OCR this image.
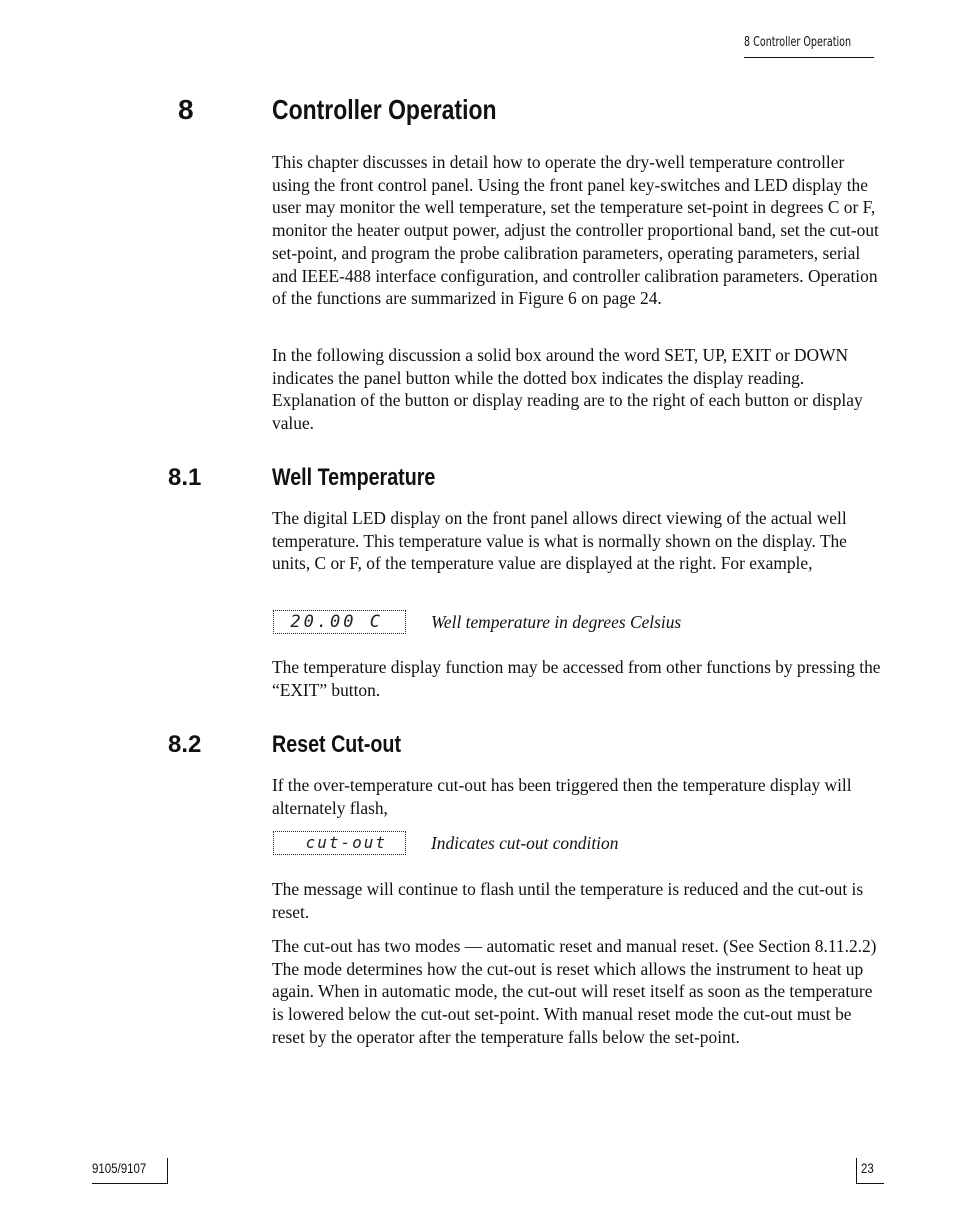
8 Controller Operation
8	Controller Operation

This chapter discusses in detail how to operate the dry-well temperature controller using the front control panel. Using the front panel key-switches and LED display the user may monitor the well temperature, set the temperature set-point in degrees C or F, monitor the heater output power, adjust the controller proportional band, set the cut-out set-point, and program the probe calibration parameters, operating parameters, serial and IEEE-488 interface configuration, and controller calibration parameters. Operation of the functions are summarized in Figure 6 on page 24.

In the following discussion a solid box around the word SET, UP, EXIT or DOWN indicates the panel button while the dotted box indicates the display reading. Explanation of the button or display reading are to the right of each button or display value.

8.1	Well Temperature

The digital LED display on the front panel allows direct viewing of the actual well temperature. This temperature value is what is normally shown on the display. The units, C or F, of the temperature value are displayed at the right. For example,

20.00 C	Well temperature in degrees Celsius

The temperature display function may be accessed from other functions by pressing the “EXIT” button.

8.2	Reset Cut-out

If the over-temperature cut-out has been triggered then the temperature display will alternately flash,

cut-out	Indicates cut-out condition

The message will continue to flash until the temperature is reduced and the cut-out is reset.

The cut-out has two modes — automatic reset and manual reset. (See Section 8.11.2.2) The mode determines how the cut-out is reset which allows the instrument to heat up again. When in automatic mode, the cut-out will reset itself as soon as the temperature is lowered below the cut-out set-point. With manual reset mode the cut-out must be reset by the operator after the temperature falls below the set-point.

9105/9107	23
